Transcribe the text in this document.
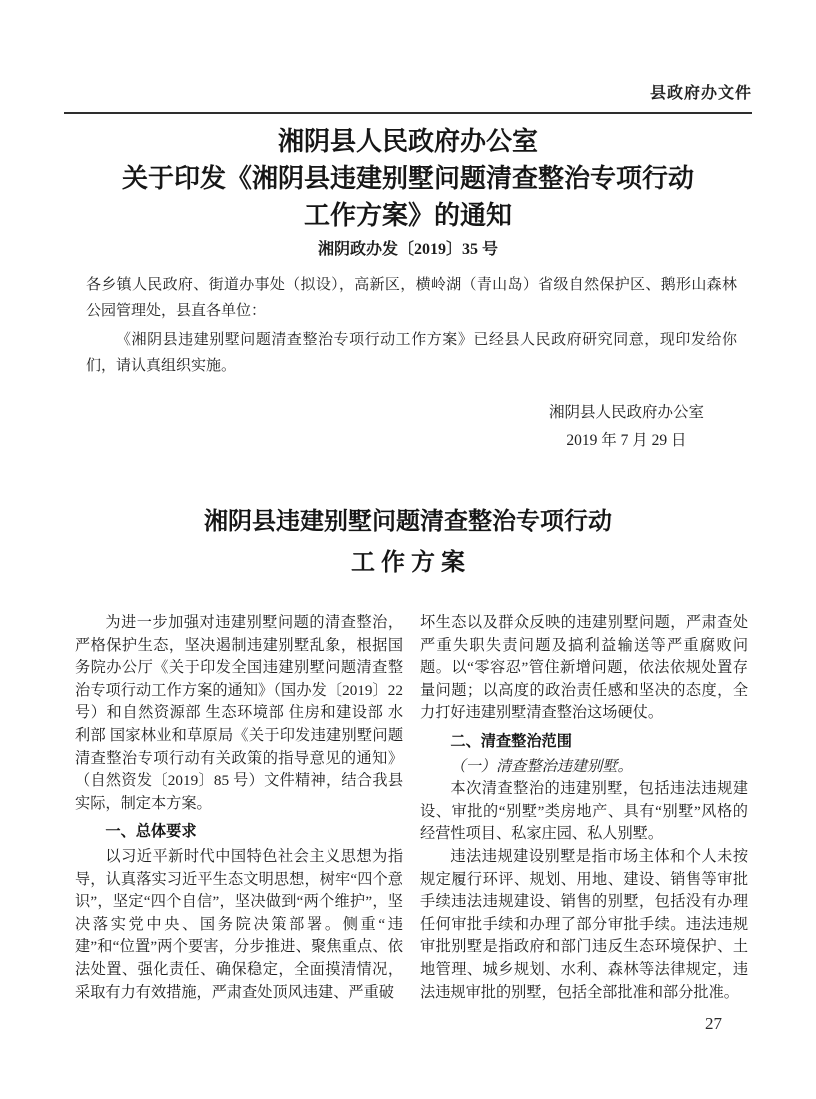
县政府办文件
湘阴县人民政府办公室
关于印发《湘阴县违建别墅问题清查整治专项行动
工作方案》的通知
湘阴政办发〔2019〕35 号

各乡镇人民政府、街道办事处（拟设），高新区，横岭湖（青山岛）省级自然保护区、鹅形山森林公园管理处，县直各单位：

《湘阴县违建别墅问题清查整治专项行动工作方案》已经县人民政府研究同意，现印发给你们，请认真组织实施。

湘阴县人民政府办公室
2019 年 7 月 29 日
湘阴县违建别墅问题清查整治专项行动
工 作 方 案

为进一步加强对违建别墅问题的清查整治，严格保护生态，坚决遏制违建别墅乱象，根据国务院办公厅《关于印发全国违建别墅问题清查整治专项行动工作方案的通知》（国办发〔2019〕22 号）和自然资源部 生态环境部 住房和建设部 水利部 国家林业和草原局《关于印发违建别墅问题清查整治专项行动有关政策的指导意见的通知》（自然资发〔2019〕85 号）文件精神，结合我县实际，制定本方案。

一、总体要求

以习近平新时代中国特色社会主义思想为指导，认真落实习近平生态文明思想，树牢“四个意识”，坚定“四个自信”，坚决做到“两个维护”，坚决落实党中央、国务院决策部署。侧重“违建”和“位置”两个要害，分步推进、聚焦重点、依法处置、强化责任、确保稳定，全面摸清情况，采取有力有效措施，严肃查处顶风违建、严重破

坏生态以及群众反映的违建别墅问题，严肃查处严重失职失责问题及搞利益输送等严重腐败问题。以“零容忍”管住新增问题，依法依规处置存量问题；以高度的政治责任感和坚决的态度，全力打好违建别墅清查整治这场硬仗。

二、清查整治范围

（一）清查整治违建别墅。

本次清查整治的违建别墅，包括违法违规建设、审批的“别墅”类房地产、具有“别墅”风格的经营性项目、私家庄园、私人别墅。

违法违规建设别墅是指市场主体和个人未按规定履行环评、规划、用地、建设、销售等审批手续违法违规建设、销售的别墅，包括没有办理任何审批手续和办理了部分审批手续。违法违规审批别墅是指政府和部门违反生态环境保护、土地管理、城乡规划、水利、森林等法律规定，违法违规审批的别墅，包括全部批准和部分批准。

27
